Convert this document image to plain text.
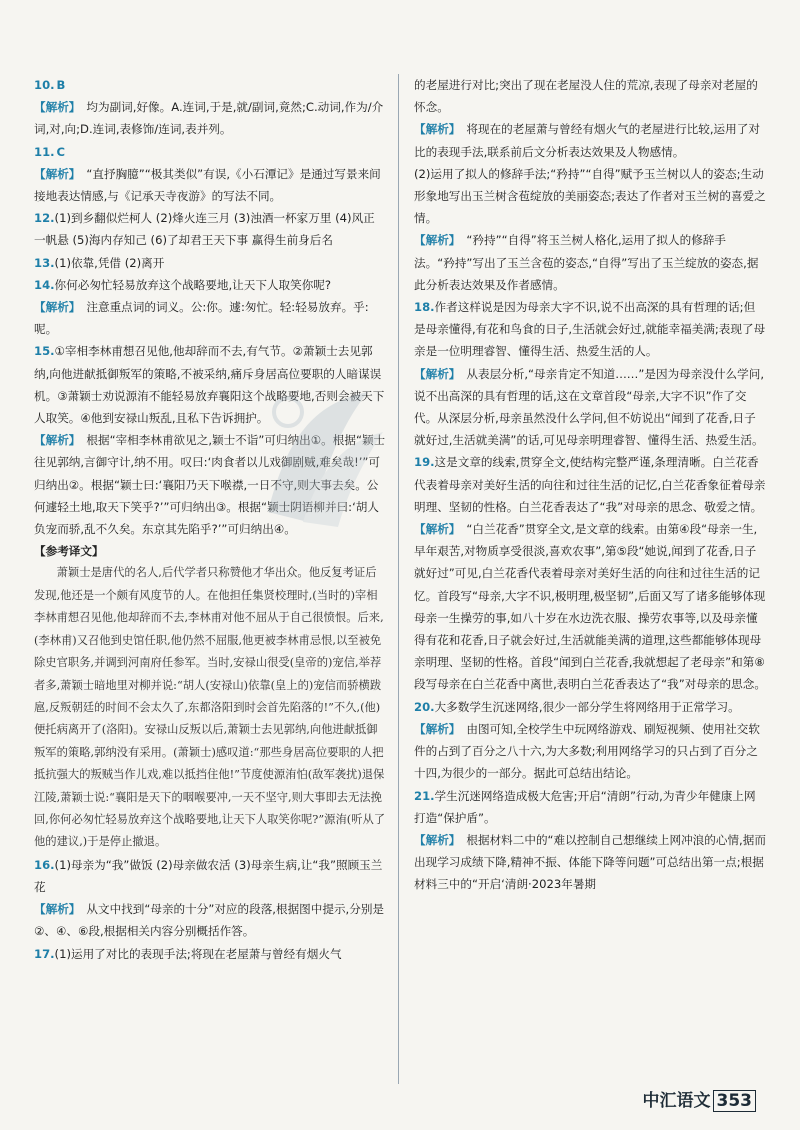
10. B

【解析】 均为副词,好像。A.连词,于是,就/副词,竟然;C.动词,作为/介词,对,向;D.连词,表修饰/连词,表并列。

11. C

【解析】 “直抒胸臆”“极其类似”有误,《小石潭记》是通过写景来间接地表达情感,与《记承天寺夜游》的写法不同。

12.(1)到乡翻似烂柯人 (2)烽火连三月 (3)浊酒一杯家万里 (4)风正一帆悬 (5)海内存知己 (6)了却君王天下事 赢得生前身后名

13.(1)依靠,凭借 (2)离开

14.你何必匆忙轻易放弃这个战略要地,让天下人取笑你呢?

【解析】 注意重点词的词义。公:你。遽:匆忙。轻:轻易放弃。乎:呢。

15.①宰相李林甫想召见他,他却辞而不去,有气节。②萧颖士去见郭纳,向他进献抵御叛军的策略,不被采纳,痛斥身居高位要职的人暗谋误机。③萧颖士劝说源洧不能轻易放弃襄阳这个战略要地,否则会被天下人取笑。④他到安禄山叛乱,且私下告诉拥护。

【解析】 根据“宰相李林甫欲见之,颖士不诣”可归纳出①。根据“颖士往见郭纳,言御守计,纳不用。叹曰:‘肉食者以儿戏御剧贼,难矣哉!’”可归纳出②。根据“颖士曰:‘襄阳乃天下喉襟,一日不守,则大事去矣。公何遽轻土地,取天下笑乎?’”可归纳出③。根据“颖士阴语柳并曰:‘胡人负宠而骄,乱不久矣。东京其先陷乎?’”可归纳出④。

【参考译文】

萧颖士是唐代的名人,后代学者只称赞他才华出众。他反复考证后发现,他还是一个颇有风度节的人。在他担任集贤校理时,(当时的)宰相李林甫想召见他,他却辞而不去,李林甫对他不屈从于自己很愤恨。后来,(李林甫)又召他到史馆任职,他仍然不屈服,他更被李林甫忌恨,以至被免除史官职务,并调到河南府任参军。当时,安禄山很受(皇帝的)宠信,举荐者多,萧颖士暗地里对柳并说:“胡人(安禄山)依靠(皇上的)宠信而骄横跋扈,反叛朝廷的时间不会太久了,东都洛阳到时会首先陷落的!”不久,(他)便托病离开了(洛阳)。安禄山反叛以后,萧颖士去见郭纳,向他进献抵御叛军的策略,郭纳没有采用。(萧颖士)感叹道:“那些身居高位要职的人把抵抗强大的叛贼当作儿戏,难以抵挡住他!”节度使源洧怕(敌军袭扰)退保江陵,萧颖士说:“襄阳是天下的咽喉要冲,一天不坚守,则大事即去无法挽回,你何必匆忙轻易放弃这个战略要地,让天下人取笑你呢?”源洧(听从了他的建议,)于是停止撤退。

16.(1)母亲为“我”做饭 (2)母亲做农活 (3)母亲生病,让“我”照顾玉兰花

【解析】 从文中找到“母亲的十分”对应的段落,根据图中提示,分别是②、④、⑥段,根据相关内容分别概括作答。

17.(1)运用了对比的表现手法;将现在老屋萧与曾经有烟火气

的老屋进行对比;突出了现在老屋没人住的荒凉,表现了母亲对老屋的怀念。

【解析】 将现在的老屋萧与曾经有烟火气的老屋进行比较,运用了对比的表现手法,联系前后文分析表达效果及人物感情。

(2)运用了拟人的修辞手法;“矜持”“自得”赋予玉兰树以人的姿态;生动形象地写出玉兰树含苞绽放的美丽姿态;表达了作者对玉兰树的喜爱之情。

【解析】 “矜持”“自得”将玉兰树人格化,运用了拟人的修辞手法。“矜持”写出了玉兰含苞的姿态,“自得”写出了玉兰绽放的姿态,据此分析表达效果及作者感情。

18.作者这样说是因为母亲大字不识,说不出高深的具有哲理的话;但是母亲懂得,有花和鸟食的日子,生活就会好过,就能幸福美满;表现了母亲是一位明理睿智、懂得生活、热爱生活的人。

【解析】 从表层分析,“母亲肯定不知道……”是因为母亲没什么学问,说不出高深的具有哲理的话,这在文章首段“母亲,大字不识”作了交代。从深层分析,母亲虽然没什么学问,但不妨说出“闻到了花香,日子就好过,生活就美满”的话,可见母亲明理睿智、懂得生活、热爱生活。

19.这是文章的线索,贯穿全文,使结构完整严谨,条理清晰。白兰花香代表着母亲对美好生活的向往和过往生活的记忆,白兰花香象征着母亲明理、坚韧的性格。白兰花香表达了“我”对母亲的思念、敬爱之情。

【解析】 “白兰花香”贯穿全文,是文章的线索。由第④段“母亲一生,早年艰苦,对物质享受很淡,喜欢农事”,第⑤段“她说,闻到了花香,日子就好过”可见,白兰花香代表着母亲对美好生活的向往和过往生活的记忆。首段写“母亲,大字不识,极明理,极坚韧”,后面又写了诸多能够体现母亲一生操劳的事,如八十岁在水边洗衣服、操劳农事等,以及母亲懂得有花和花香,日子就会好过,生活就能美满的道理,这些都能够体现母亲明理、坚韧的性格。首段“闻到白兰花香,我就想起了老母亲”和第⑧段写母亲在白兰花香中离世,表明白兰花香表达了“我”对母亲的思念。

20.大多数学生沉迷网络,很少一部分学生将网络用于正常学习。

【解析】 由图可知,全校学生中玩网络游戏、刷短视频、使用社交软件的占到了百分之八十六,为大多数;利用网络学习的只占到了百分之十四,为很少的一部分。据此可总结出结论。

21.学生沉迷网络造成极大危害;开启“清朗”行动,为青少年健康上网打造“保护盾”。

【解析】 根据材料二中的“难以控制自己想继续上网冲浪的心情,据而出现学习成绩下降,精神不振、体能下降等问题”可总结出第一点;根据材料三中的“开启‘清朗·2023年暑期

中汇语文 353
